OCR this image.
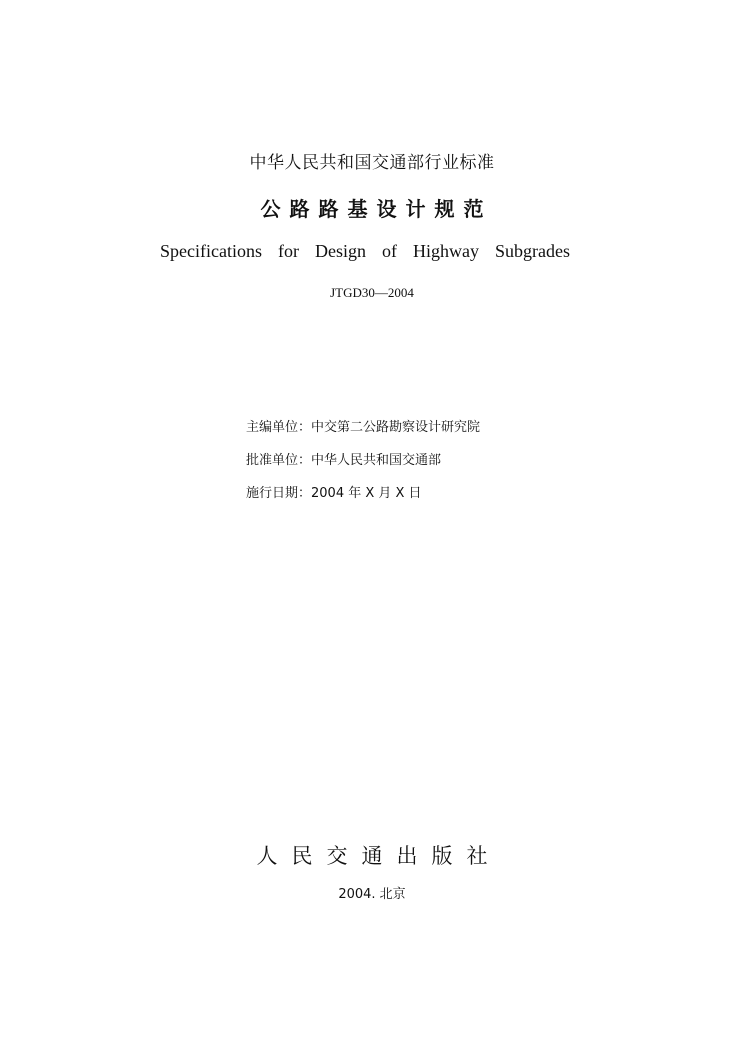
中华人民共和国交通部行业标准
公路路基设计规范
Specifications for Design of Highway Subgrades
JTGD30—2004
主编单位：中交第二公路勘察设计研究院
批准单位：中华人民共和国交通部
施行日期：2004 年 X 月 X 日
人民交通出版社
2004. 北京
